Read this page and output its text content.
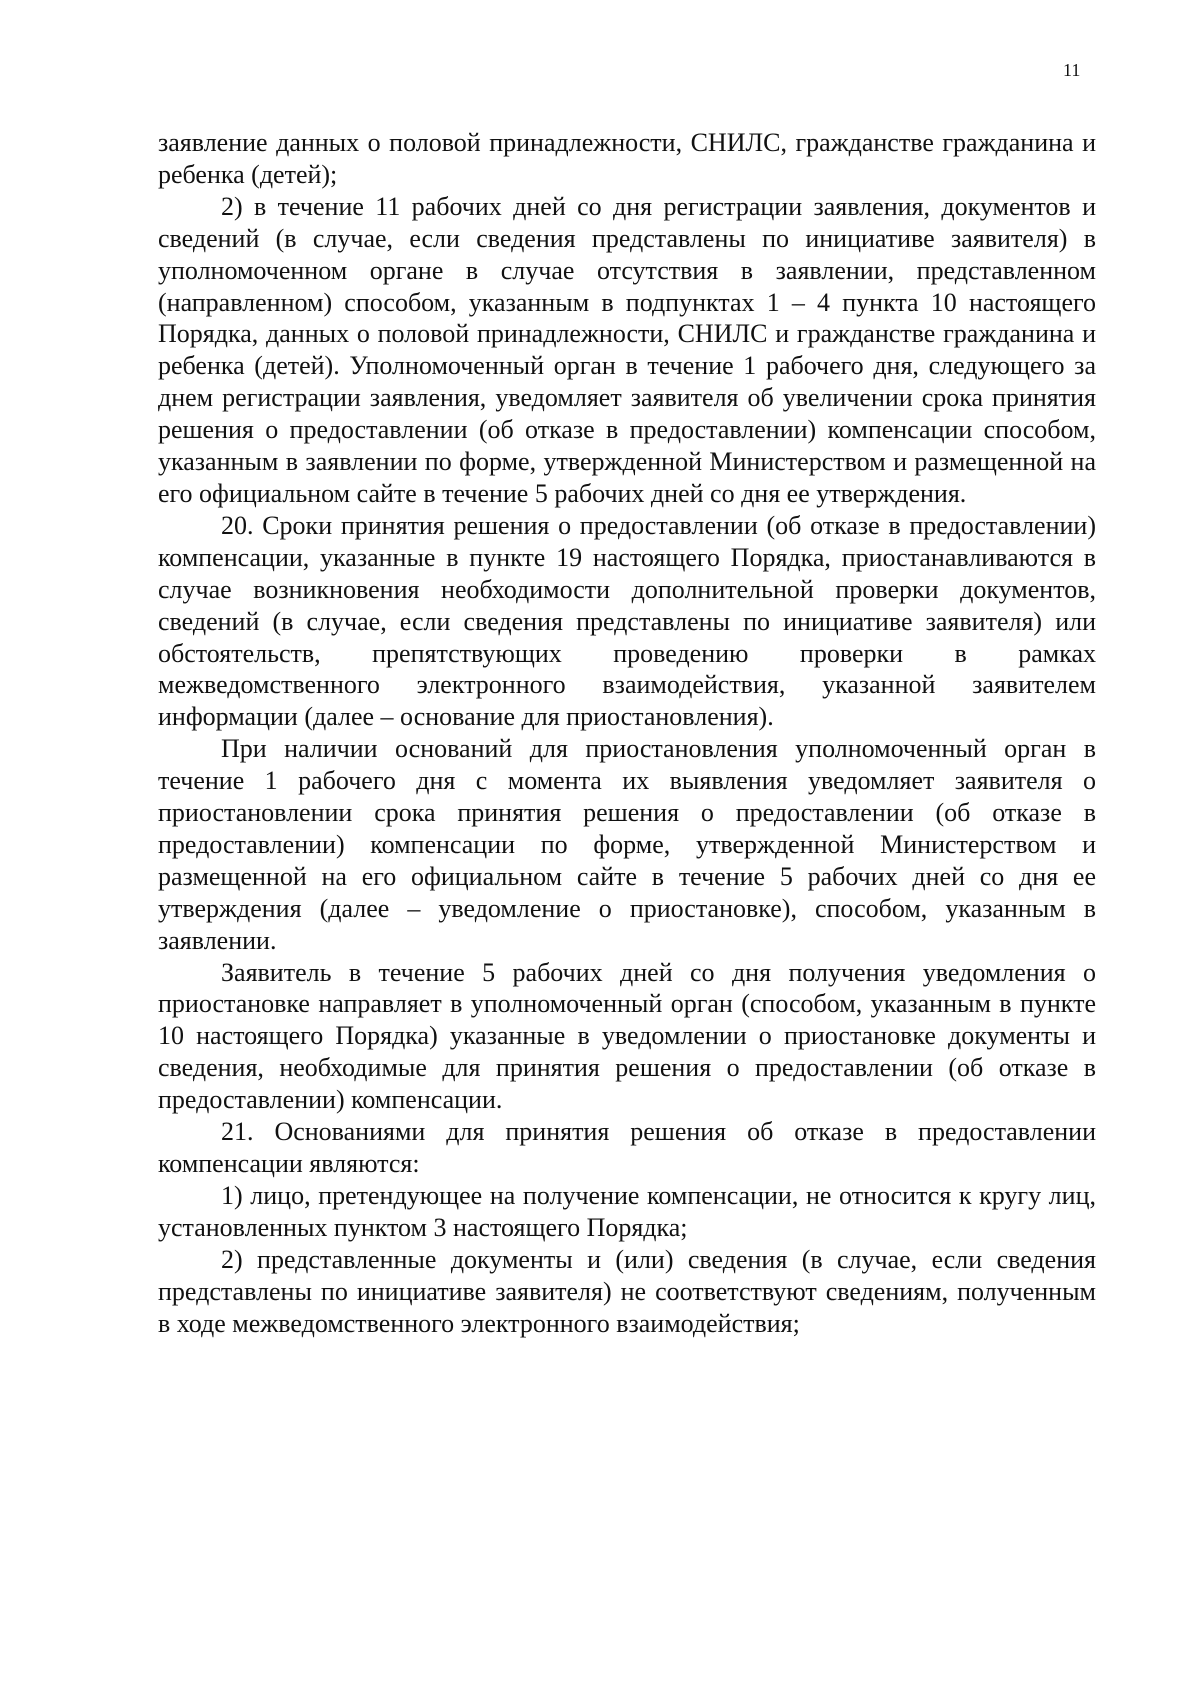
11

заявление данных о половой принадлежности, СНИЛС, гражданстве гражданина и ребенка (детей);

2) в течение 11 рабочих дней со дня регистрации заявления, документов и сведений (в случае, если сведения представлены по инициативе заявителя) в уполномоченном органе в случае отсутствия в заявлении, представленном (направленном) способом, указанным в подпунктах 1 – 4 пункта 10 настоящего Порядка, данных о половой принадлежности, СНИЛС и гражданстве гражданина и ребенка (детей). Уполномоченный орган в течение 1 рабочего дня, следующего за днем регистрации заявления, уведомляет заявителя об увеличении срока принятия решения о предоставлении (об отказе в предоставлении) компенсации способом, указанным в заявлении по форме, утвержденной Министерством и размещенной на его официальном сайте в течение 5 рабочих дней со дня ее утверждения.

20. Сроки принятия решения о предоставлении (об отказе в предоставлении) компенсации, указанные в пункте 19 настоящего Порядка, приостанавливаются в случае возникновения необходимости дополнительной проверки документов, сведений (в случае, если сведения представлены по инициативе заявителя) или обстоятельств, препятствующих проведению проверки в рамках межведомственного электронного взаимодействия, указанной заявителем информации (далее – основание для приостановления).

При наличии оснований для приостановления уполномоченный орган в течение 1 рабочего дня с момента их выявления уведомляет заявителя о приостановлении срока принятия решения о предоставлении (об отказе в предоставлении) компенсации по форме, утвержденной Министерством и размещенной на его официальном сайте в течение 5 рабочих дней со дня ее утверждения (далее – уведомление о приостановке), способом, указанным в заявлении.

Заявитель в течение 5 рабочих дней со дня получения уведомления о приостановке направляет в уполномоченный орган (способом, указанным в пункте 10 настоящего Порядка) указанные в уведомлении о приостановке документы и сведения, необходимые для принятия решения о предоставлении (об отказе в предоставлении) компенсации.

21. Основаниями для принятия решения об отказе в предоставлении компенсации являются:

1) лицо, претендующее на получение компенсации, не относится к кругу лиц, установленных пунктом 3 настоящего Порядка;

2) представленные документы и (или) сведения (в случае, если сведения представлены по инициативе заявителя) не соответствуют сведениям, полученным в ходе межведомственного электронного взаимодействия;
